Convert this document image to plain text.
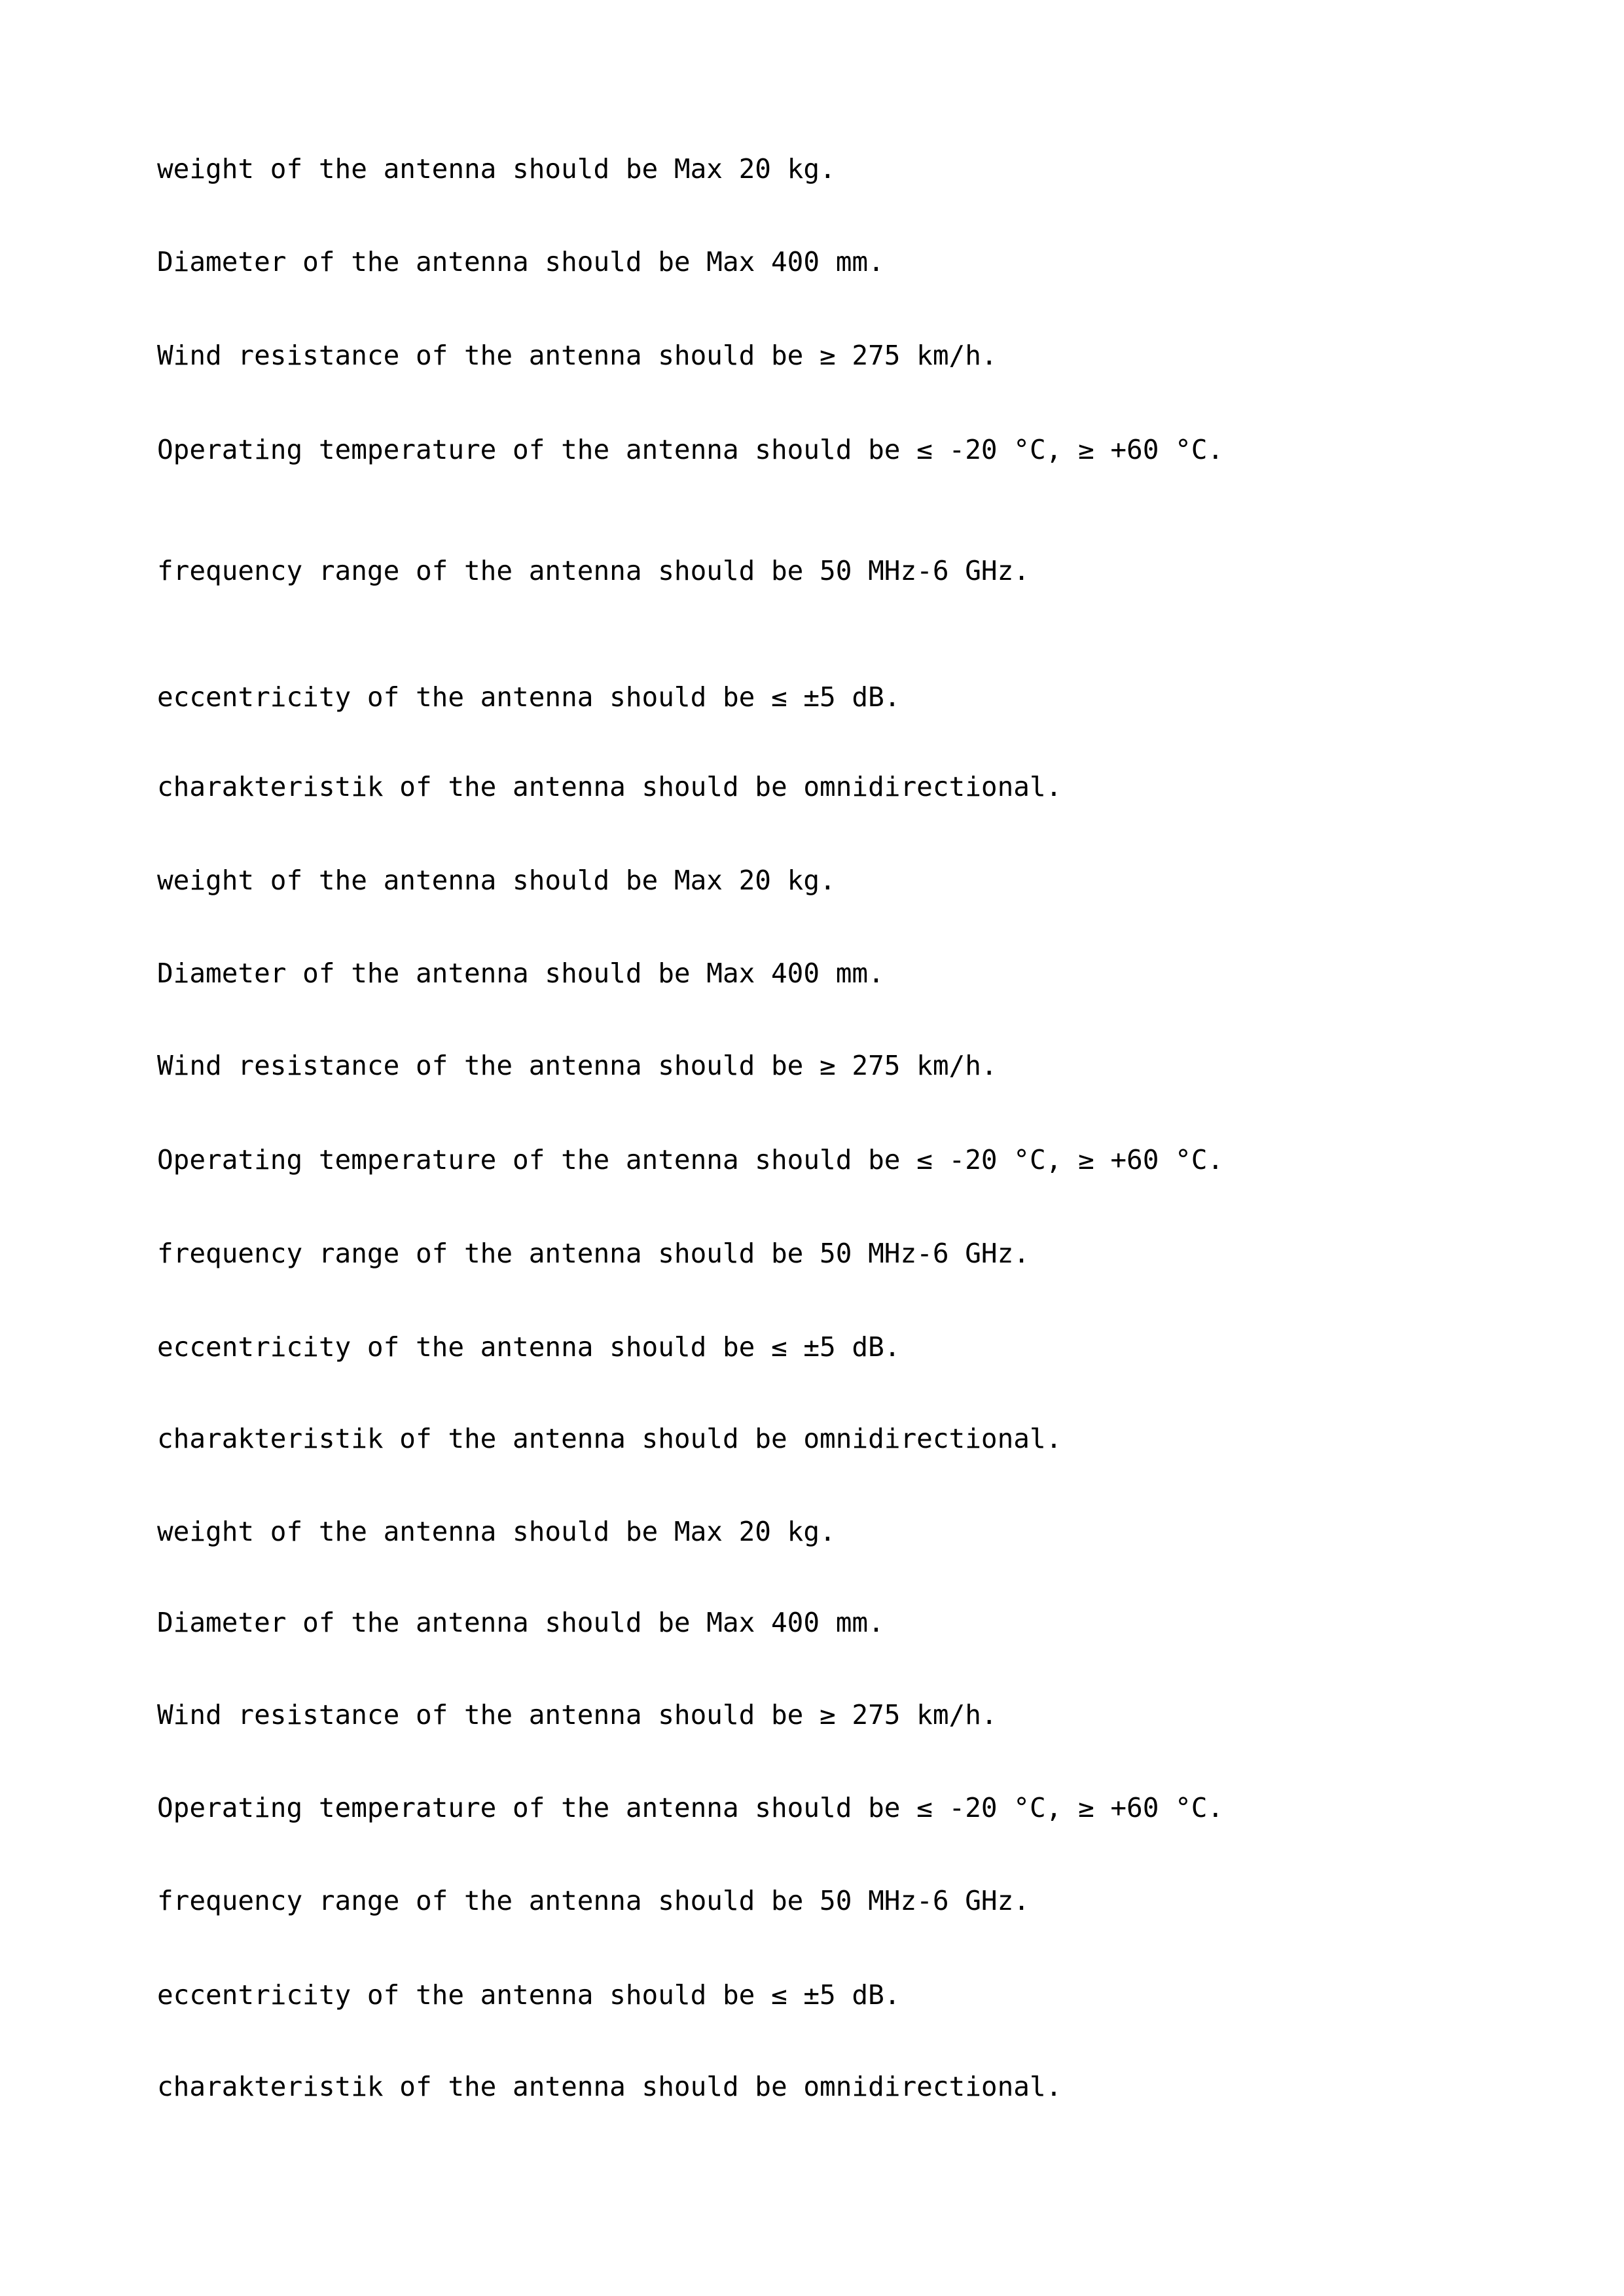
weight of the antenna should be Max 20 kg.
Diameter of the antenna should be Max 400 mm.
Wind resistance of the antenna should be ≥ 275 km/h.
Operating temperature of the antenna should be ≤ -20 °C, ≥ +60 °C.
frequency range of the antenna should be 50 MHz-6 GHz.
eccentricity of the antenna should be ≤ ±5 dB.
charakteristik of the antenna should be omnidirectional.
weight of the antenna should be Max 20 kg.
Diameter of the antenna should be Max 400 mm.
Wind resistance of the antenna should be ≥ 275 km/h.
Operating temperature of the antenna should be ≤ -20 °C, ≥ +60 °C.
frequency range of the antenna should be 50 MHz-6 GHz.
eccentricity of the antenna should be ≤ ±5 dB.
charakteristik of the antenna should be omnidirectional.
weight of the antenna should be Max 20 kg.
Diameter of the antenna should be Max 400 mm.
Wind resistance of the antenna should be ≥ 275 km/h.
Operating temperature of the antenna should be ≤ -20 °C, ≥ +60 °C.
frequency range of the antenna should be 50 MHz-6 GHz.
eccentricity of the antenna should be ≤ ±5 dB.
charakteristik of the antenna should be omnidirectional.
